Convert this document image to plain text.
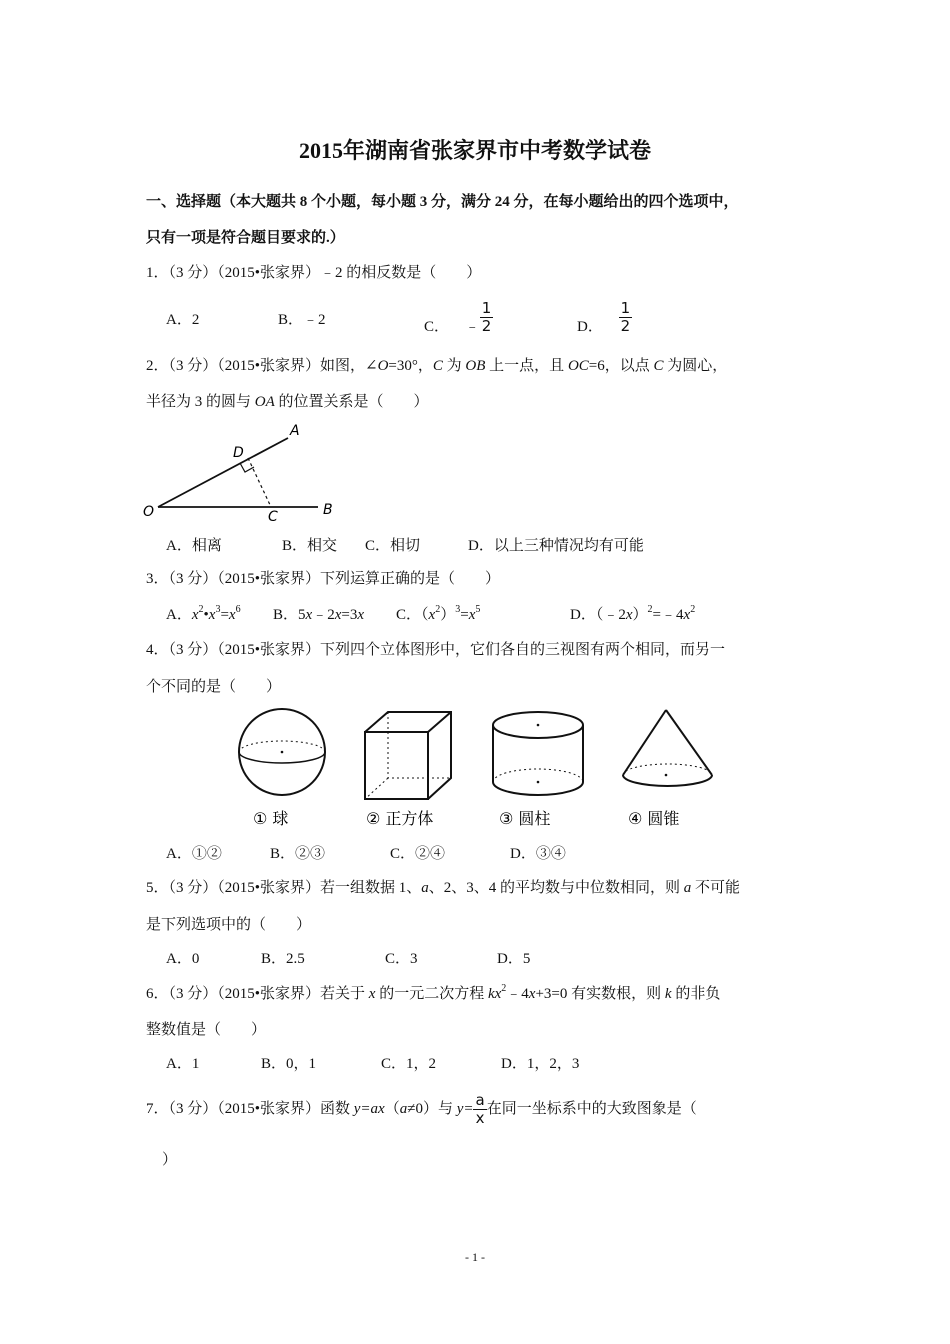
2015年湖南省张家界市中考数学试卷
一、选择题（本大题共 8 个小题，每小题 3 分，满分 24 分，在每小题给出的四个选项中，
只有一项是符合题目要求的.）
1．（3 分）（2015•张家界）﹣2 的相反数是（　　）
A．2	B．﹣2	C． ﹣ $\frac{1}{2}$	D． $\frac{1}{2}$
2．（3 分）（2015•张家界）如图，∠O=30°，C 为 OB 上一点，且 OC=6，以点 C 为圆心，
半径为 3 的圆与 OA 的位置关系是（　　）
A
D
O	C	B
A．相离	B．相交 C．相切	D．以上三种情况均有可能
3．（3 分）（2015•张家界）下列运算正确的是（　　）
A．$x^2•x^3=x^6$ B．5x﹣2x=3x C．$(x^2)^3=x^5$	D．$(﹣2x)^2=﹣4x^2$
4．（3 分）（2015•张家界）下列四个立体图形中，它们各自的三视图有两个相同，而另一
个不同的是（　　）
① 球	② 正方体	③ 圆柱	④ 圆锥
A．①②	B．②③	C．②④	D．③④
5．（3 分）（2015•张家界）若一组数据 1、a、2、3、4 的平均数与中位数相同，则 a 不可能
是下列选项中的（　　）
A．0	B．2.5	C．3	D．5
6．（3 分）（2015•张家界）若关于 x 的一元二次方程 $kx^2﹣4x+3=0$ 有实数根，则 k 的非负
整数值是（　　）
A．1	B．0，1	C．1，2	D．1，2，3
7．（3 分）（2015•张家界）函数 y=ax（a≠0）与 $y= \frac{a}{x}$ 在同一坐标系中的大致图象是（
）
- 1 -
